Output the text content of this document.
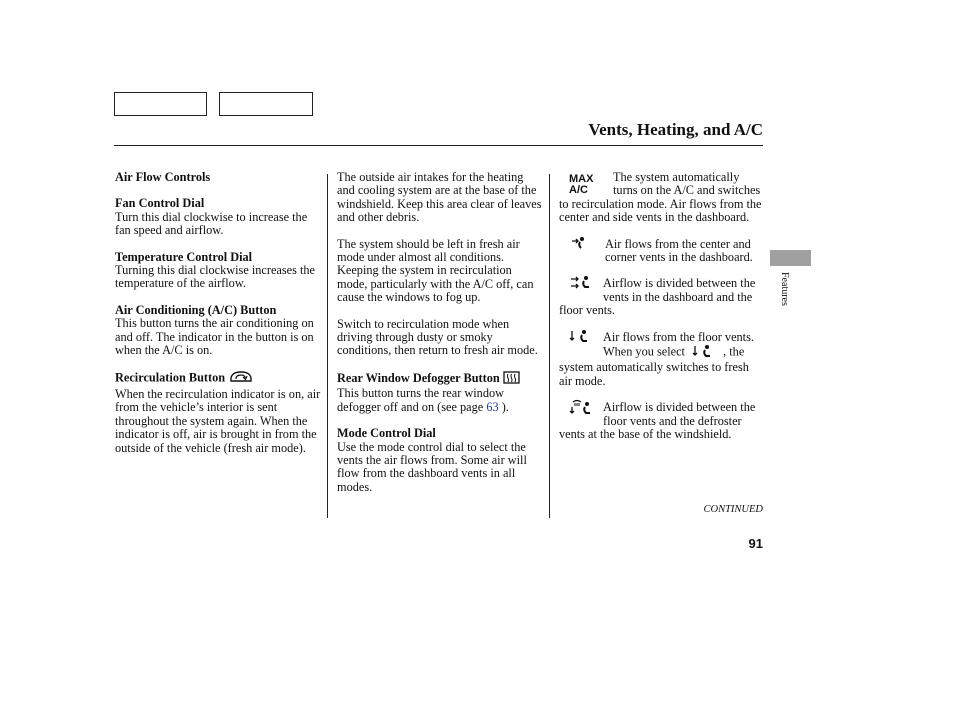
Vents, Heating, and A/C

Air Flow Controls

Fan Control Dial

Turn this dial clockwise to increase the fan speed and airflow.

Temperature Control Dial

Turning this dial clockwise increases the temperature of the airflow.

Air Conditioning (A/C) Button

This button turns the air conditioning on and off. The indicator in the button is on when the A/C is on.

Recirculation Button

When the recirculation indicator is on, air from the vehicle’s interior is sent throughout the system again. When the indicator is off, air is brought in from the outside of the vehicle (fresh air mode).

The outside air intakes for the heating and cooling system are at the base of the windshield. Keep this area clear of leaves and other debris.

The system should be left in fresh air mode under almost all conditions. Keeping the system in recirculation mode, particularly with the A/C off, can cause the windows to fog up.

Switch to recirculation mode when driving through dusty or smoky conditions, then return to fresh air mode.

Rear Window Defogger Button

This button turns the rear window defogger off and on (see page 63 ).

Mode Control Dial

Use the mode control dial to select the vents the air flows from. Some air will flow from the dashboard vents in all modes.

MAX A/C

The system automatically turns on the A/C and switches to recirculation mode. Air flows from the center and side vents in the dashboard.

Air flows from the center and corner vents in the dashboard.

Airflow is divided between the vents in the dashboard and the floor vents.

Air flows from the floor vents. When you select	, the system automatically switches to fresh air mode.

Airflow is divided between the floor vents and the defroster vents at the base of the windshield.

Features
CONTINUED
91
